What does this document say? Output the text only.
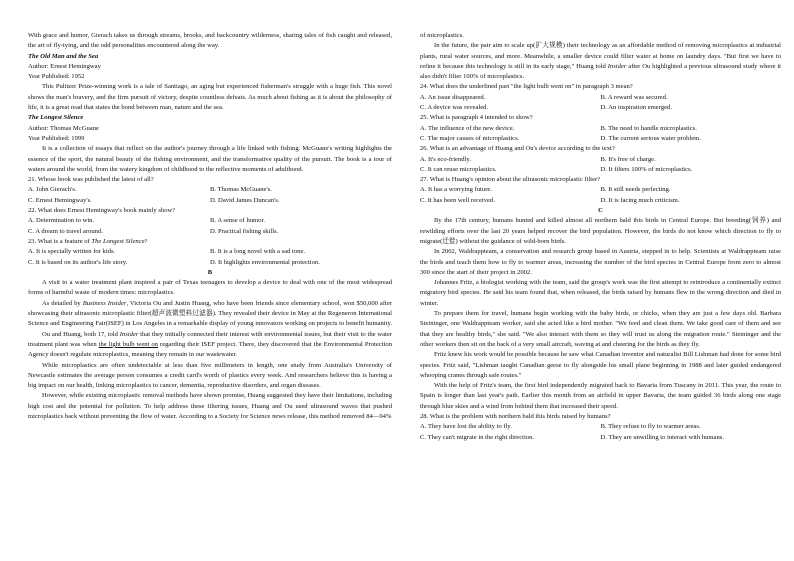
With grace and humor, Gierach takes us through streams, brooks, and backcountry wilderness, sharing tales of fish caught and released, the art of fly-tying, and the odd personalities encountered along the way.

The Old Man and the Sea

Author: Ernest Hemingway

Year Published: 1952

This Pulitzer Prize-winning work is a tale of Santiago, an aging but experienced fisherman's struggle with a huge fish. This novel shows the man's bravery, and the firm pursuit of victory, despite countless defeats. As much about fishing as it is about the philosophy of life, it is a great read that states the bond between man, nature and the sea.

The Longest Silence

Author: Thomas McGuane

Year Published: 1999

It is a collection of essays that reflect on the author's journey through a life linked with fishing. McGuane's writing highlights the essence of the sport, the natural beauty of the fishing environment, and the transformative quality of the pursuit. The book is a tour of waters around the world, from the watery kingdom of childhood to the reflective moments of adulthood.

21. Whose book was published the latest of all?

A. John Gierach's.	B. Thomas McGuane's.
C. Ernest Hemingway's.	D. David James Duncan's.

22. What does Ernest Hemingway's book mainly show?

A. Determination to win.	B. A sense of humor.
C. A dream to travel around.	D. Practical fishing skills.

23. What is a feature of The Longest Silence?

A. It is specially written for kids.	B. It is a long novel with a sad tone.
C. It is based on its author's life story.	D. It highlights environmental protection.

B

A visit to a water treatment plant inspired a pair of Texas teenagers to develop a device to deal with one of the most widespread forms of harmful waste of modern times: microplastics.

As detailed by Business Insider, Victoria Ou and Justin Huang, who have been friends since elementary school, won $50,000 after showcasing their ultrasonic microplastic filter(超声波微塑料过滤器). They revealed their device in May at the Regeneron International Science and Engineering Fair(ISEF) in Los Angeles in a remarkable display of young innovators working on projects to benefit humanity.

Ou and Huang, both 17, told Insider that they initially connected their interest with environmental issues, but their visit to the water treatment plant was when the light bulb went on regarding their ISEF project. There, they discovered that the Environmental Protection Agency doesn't regulate microplastics, meaning they remain in our wastewater.

While microplastics are often undetectable at less than five millimeters in length, one study from Australia's University of Newcastle estimates the average person consumes a credit card's worth of plastics every week. And researchers believe this is having a big impact on our health, linking microplastics to cancer, dementia, reproductive disorders, and organ diseases.

However, while existing microplastic removal methods have shown promise, Huang suggested they have their limitations, including high cost and the potential for pollution. To help address these filtering issues, Huang and Ou used ultrasound waves that pushed microplastics back without preventing the flow of water. According to a Society for Science news release, this method removed 84—94%

of microplastics.

In the future, the pair aim to scale up(扩大规模) their technology as an affordable method of removing microplastics at industrial plants, rural water sources, and more. Meanwhile, a smaller device could filter water at home on laundry days. "But first we have to refine it because this technology is still in its early stage," Huang told Insider after Ou highlighted a previous ultrasound study where it also didn't filter 100% of microplastics.

24. What does the underlined part "the light bulb went on" in paragraph 3 mean?

A. An issue disappeared.	B. A reward was secured.
C. A device was revealed.	D. An inspiration emerged.

25. What is paragraph 4 intended to show?

A. The influence of the new device.	B. The need to handle microplastics.
C. The major causes of microplastics.	D. The current serious water problem.

26. What is an advantage of Huang and Ou's device according to the text?

A. It's eco-friendly.	B. It's free of charge.
C. It can reuse microplastics.	D. It filters 100% of microplastics.

27. What is Huang's opinion about the ultrasonic microplastic filter?

A. It has a worrying future.	B. It still needs perfecting.
C. It has been well received.	D. It is facing much criticism.

C

By the 17th century, humans hunted and killed almost all northern bald ibis birds in Central Europe. But breeding(饲养) and rewilding efforts over the last 20 years helped recover the bird population. However, the birds do not know which direction to fly to migrate(迁徙) without the guidance of wild-born birds.

In 2002, Waldrappteam, a conservation and research group based in Austria, stepped in to help. Scientists at Waldrappteam raise the birds and teach them how to fly to warmer areas, increasing the number of the bird species in Central Europe from zero to almost 300 since the start of their project in 2002.

Johannes Fritz, a biologist working with the team, said the group's work was the first attempt to reintroduce a continentally extinct migratory bird species. He said his team found that, when released, the birds raised by humans flew in the wrong direction and died in winter.

To prepare them for travel, humans begin working with the baby birds, or chicks, when they are just a few days old. Barbara Steininger, one Waldrappteam worker, said she acted like a bird mother. "We feed and clean them. We take good care of them and see that they are healthy birds," she said. "We also interact with them so they will trust us along the migration route." Steininger and the other workers then sit on the back of a very small aircraft, waving at and cheering for the birds as they fly.

Fritz knew his work would be possible because he saw what Canadian inventor and naturalist Bill Lishman had done for some bird species. Fritz said, "Lishman taught Canadian geese to fly alongside his small plane beginning in 1988 and later guided endangered whooping cranes through safe routes."

With the help of Fritz's team, the first bird independently migrated back to Bavaria from Tuscany in 2011. This year, the route to Spain is longer than last year's path. Earlier this month from an airfield in upper Bavaria, the team guided 36 birds along one stage through blue skies and a wind from behind them that increased their speed.

28. What is the problem with northern bald ibis birds raised by humans?

A. They have lost the ability to fly.	B. They refuse to fly to warmer areas.
C. They can't migrate in the right direction.	D. They are unwilling to interact with humans.
